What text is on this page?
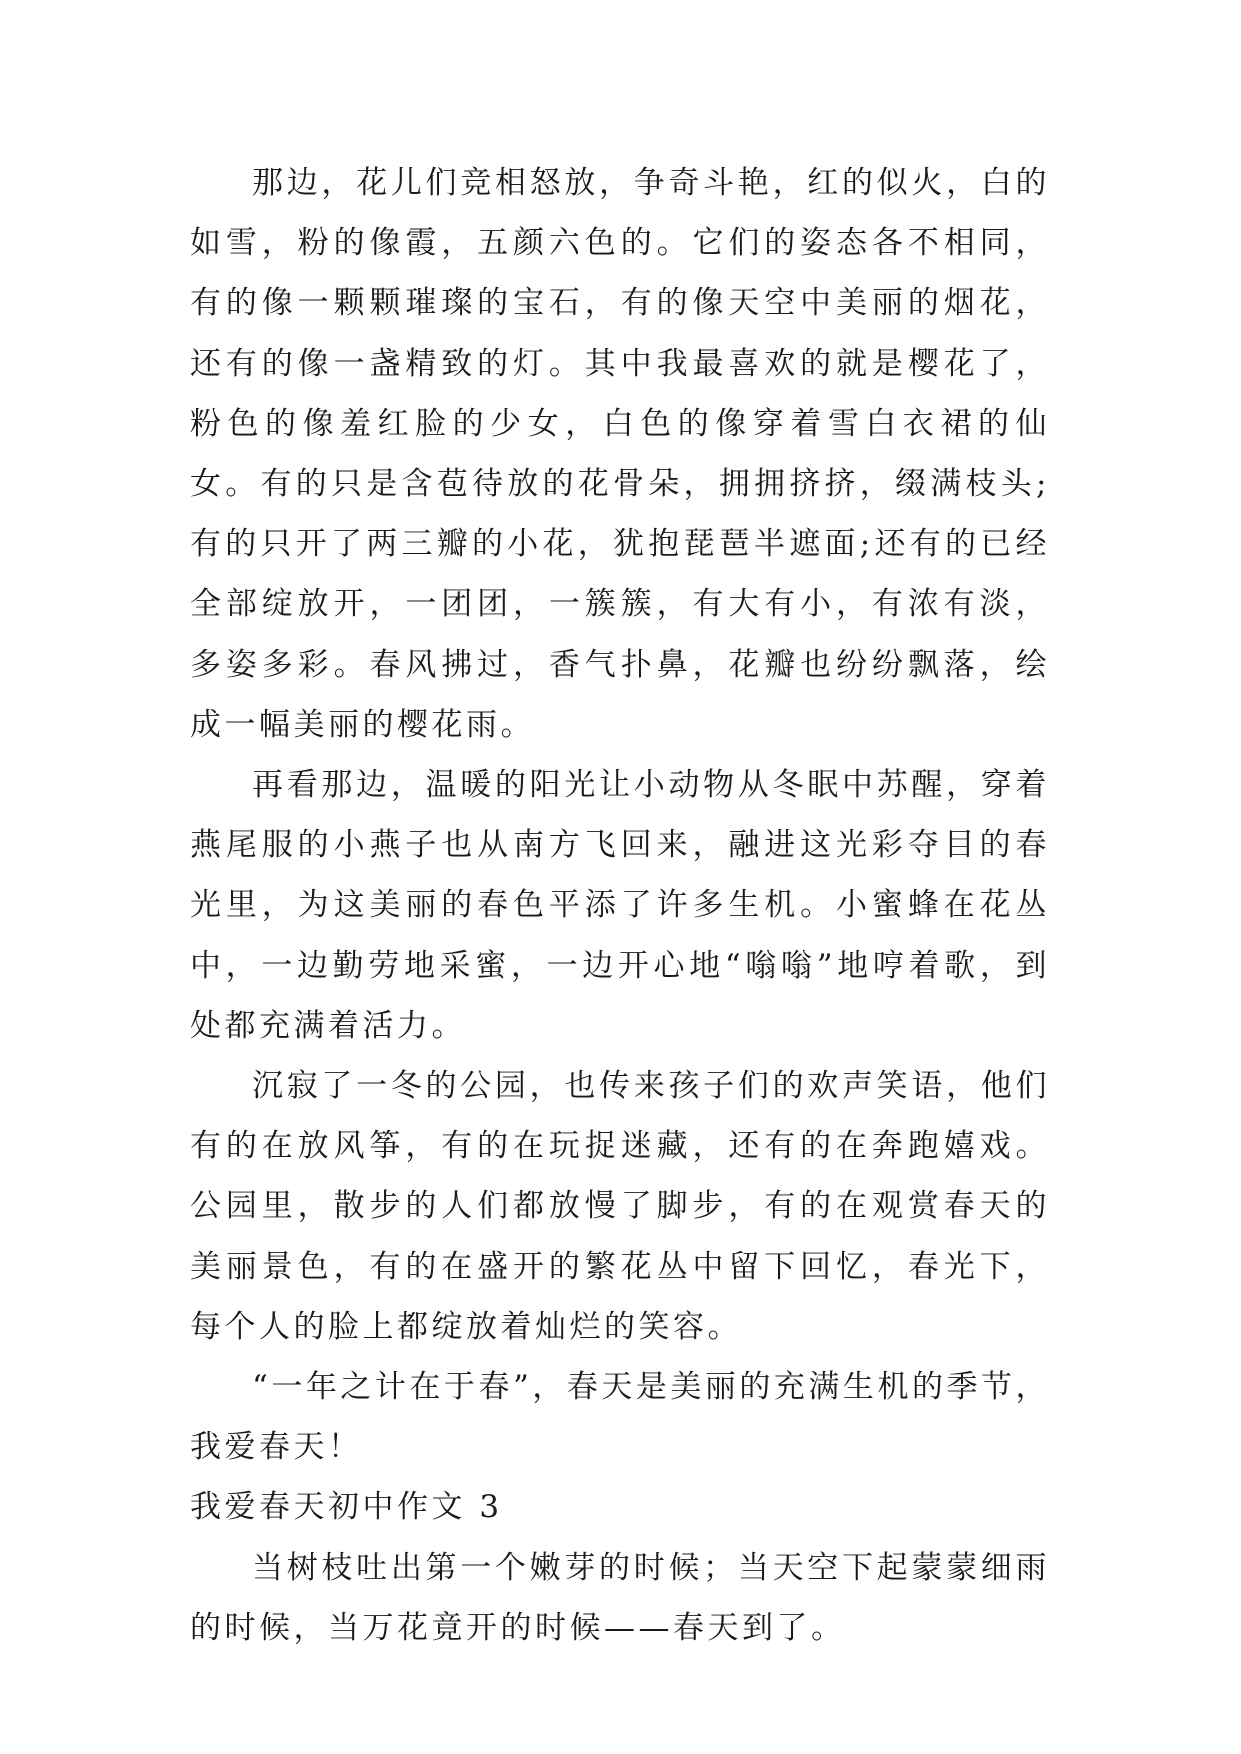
那边，花儿们竞相怒放，争奇斗艳，红的似火，白的如雪，粉的像霞，五颜六色的。它们的姿态各不相同，有的像一颗颗璀璨的宝石，有的像天空中美丽的烟花，还有的像一盏精致的灯。其中我最喜欢的就是樱花了，粉色的像羞红脸的少女，白色的像穿着雪白衣裙的仙女。有的只是含苞待放的花骨朵，拥拥挤挤，缀满枝头;有的只开了两三瓣的小花，犹抱琵琶半遮面;还有的已经全部绽放开，一团团，一簇簇，有大有小，有浓有淡，多姿多彩。春风拂过，香气扑鼻，花瓣也纷纷飘落，绘成一幅美丽的樱花雨。

再看那边，温暖的阳光让小动物从冬眠中苏醒，穿着燕尾服的小燕子也从南方飞回来，融进这光彩夺目的春光里，为这美丽的春色平添了许多生机。小蜜蜂在花丛中，一边勤劳地采蜜，一边开心地“嗡嗡”地哼着歌，到处都充满着活力。

沉寂了一冬的公园，也传来孩子们的欢声笑语，他们有的在放风筝，有的在玩捉迷藏，还有的在奔跑嬉戏。公园里，散步的人们都放慢了脚步，有的在观赏春天的美丽景色，有的在盛开的繁花丛中留下回忆，春光下，每个人的脸上都绽放着灿烂的笑容。

“一年之计在于春”，春天是美丽的充满生机的季节，我爱春天！

我爱春天初中作文 3

当树枝吐出第一个嫩芽的时候；当天空下起蒙蒙细雨的时候，当万花竟开的时候——春天到了。
